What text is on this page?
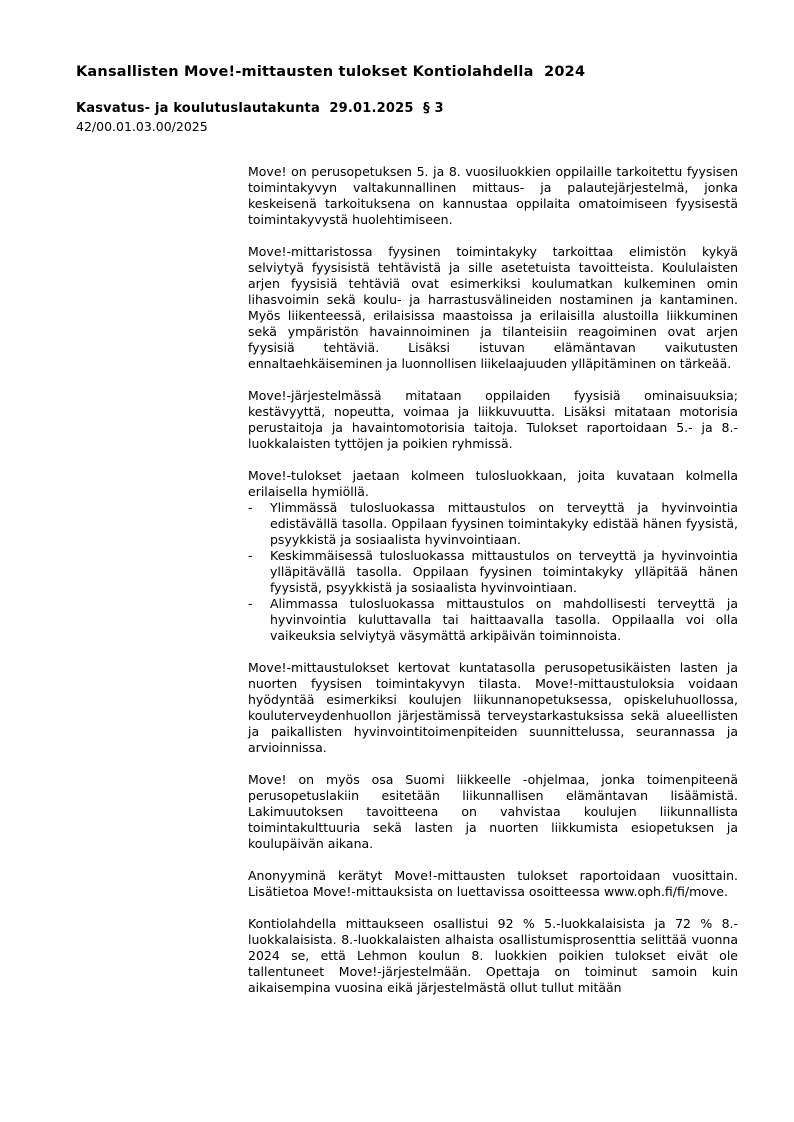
Kansallisten Move!-mittausten tulokset Kontiolahdella  2024
Kasvatus- ja koulutuslautakunta  29.01.2025  § 3
42/00.01.03.00/2025

Move! on perusopetuksen 5. ja 8. vuosiluokkien oppilaille tarkoitettu fyysisen toimintakyvyn valtakunnallinen mittaus- ja palautejärjestelmä, jonka keskeisenä tarkoituksena on kannustaa oppilaita omatoimiseen fyysisestä toimintakyvystä huolehtimiseen.

Move!-mittaristossa fyysinen toimintakyky tarkoittaa elimistön kykyä selviytyä fyysisistä tehtävistä ja sille asetetuista tavoitteista. Koululaisten arjen fyysisiä tehtäviä ovat esimerkiksi koulumatkan kulkeminen omin lihasvoimin sekä koulu- ja harrastusvälineiden nostaminen ja kantaminen. Myös liikenteessä, erilaisissa maastoissa ja erilaisilla alustoilla liikkuminen sekä ympäristön havainnoiminen ja tilanteisiin reagoiminen ovat arjen fyysisiä tehtäviä. Lisäksi istuvan elämäntavan vaikutusten ennaltaehkäiseminen ja luonnollisen liikelaajuuden ylläpitäminen on tärkeää.

Move!-järjestelmässä mitataan oppilaiden fyysisiä ominaisuuksia; kestävyyttä, nopeutta, voimaa ja liikkuvuutta. Lisäksi mitataan motorisia perustaitoja ja havaintomotorisia taitoja. Tulokset raportoidaan 5.- ja 8.-luokkalaisten tyttöjen ja poikien ryhmissä.

Move!-tulokset jaetaan kolmeen tulosluokkaan, joita kuvataan kolmella erilaisella hymiöllä.

-	Ylimmässä tulosluokassa mittaustulos on terveyttä ja hyvinvointia edistävällä tasolla. Oppilaan fyysinen toimintakyky edistää hänen fyysistä, psyykkistä ja sosiaalista hyvinvointiaan.
-	Keskimmäisessä tulosluokassa mittaustulos on terveyttä ja hyvinvointia ylläpitävällä tasolla. Oppilaan fyysinen toimintakyky ylläpitää hänen fyysistä, psyykkistä ja sosiaalista hyvinvointiaan.
-	Alimmassa tulosluokassa mittaustulos on mahdollisesti terveyttä ja hyvinvointia kuluttavalla tai haittaavalla tasolla. Oppilaalla voi olla vaikeuksia selviytyä väsymättä arkipäivän toiminnoista.

Move!-mittaustulokset kertovat kuntatasolla perusopetusikäisten lasten ja nuorten fyysisen toimintakyvyn tilasta. Move!-mittaustuloksia voidaan hyödyntää esimerkiksi koulujen liikunnanopetuksessa, opiskeluhuollossa, kouluterveydenhuollon järjestämissä terveystarkastuksissa sekä alueellisten ja paikallisten hyvinvointitoimenpiteiden suunnittelussa, seurannassa ja arvioinnissa.

Move! on myös osa Suomi liikkeelle -ohjelmaa, jonka toimenpiteenä perusopetuslakiin esitetään liikunnallisen elämäntavan lisäämistä. Lakimuutoksen tavoitteena on vahvistaa koulujen liikunnallista toimintakulttuuria sekä lasten ja nuorten liikkumista esiopetuksen ja koulupäivän aikana.

Anonyyminä kerätyt Move!-mittausten tulokset raportoidaan vuosittain. Lisätietoa Move!-mittauksista on luettavissa osoitteessa www.oph.fi/fi/move.

Kontiolahdella mittaukseen osallistui 92 % 5.-luokkalaisista ja 72 % 8.-luokkalaisista. 8.-luokkalaisten alhaista osallistumisprosenttia selittää vuonna 2024 se, että Lehmon koulun 8. luokkien poikien tulokset eivät ole tallentuneet Move!-järjestelmään. Opettaja on toiminut samoin kuin aikaisempina vuosina eikä järjestelmästä ollut tullut mitään
